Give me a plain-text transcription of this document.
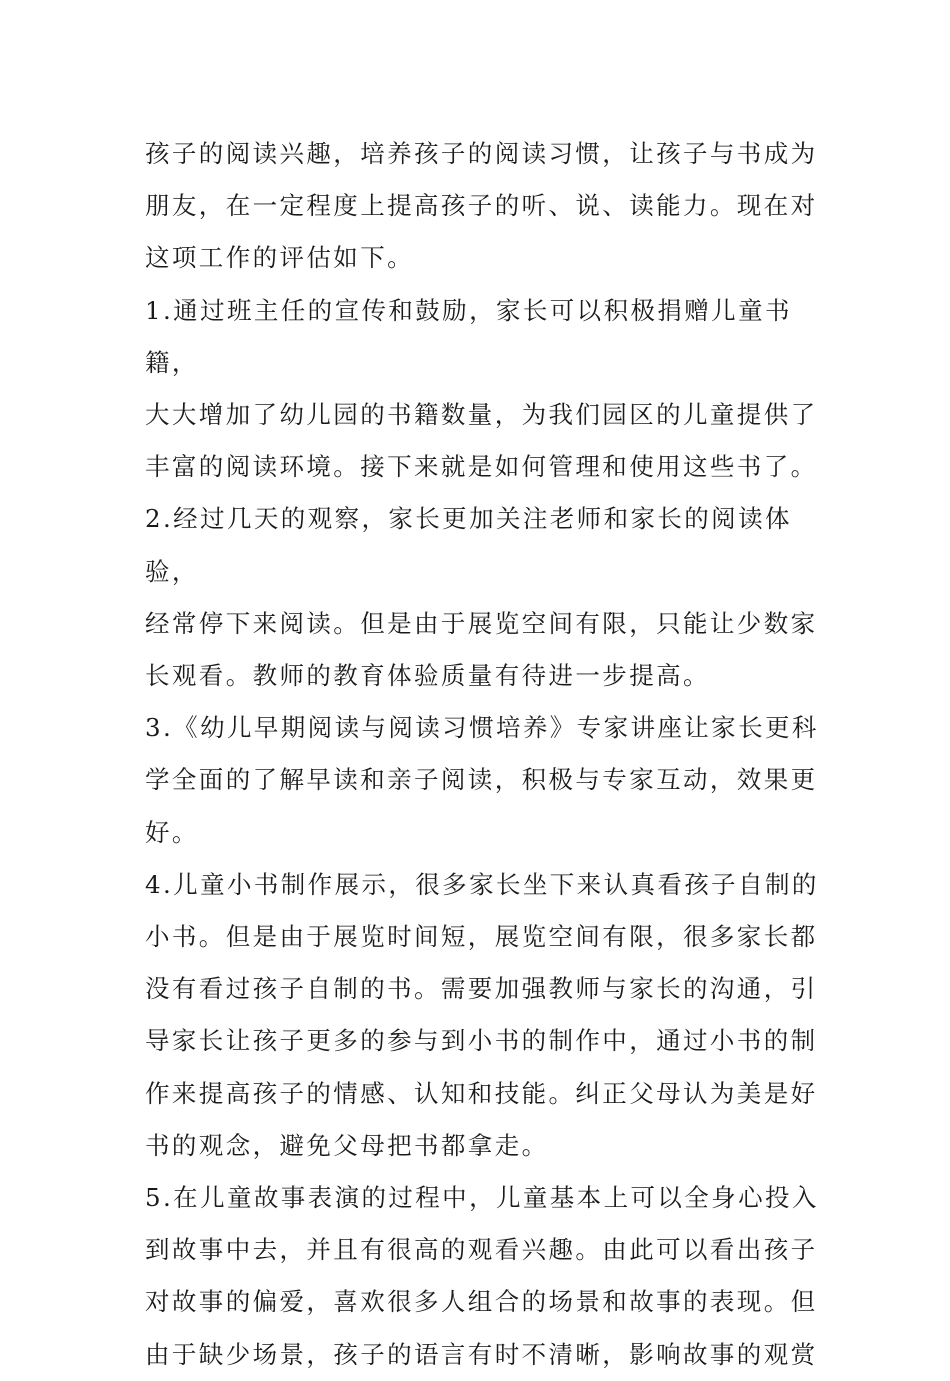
孩子的阅读兴趣，培养孩子的阅读习惯，让孩子与书成为
朋友，在一定程度上提高孩子的听、说、读能力。现在对
这项工作的评估如下。
1.通过班主任的宣传和鼓励，家长可以积极捐赠儿童书籍，
大大增加了幼儿园的书籍数量，为我们园区的儿童提供了
丰富的阅读环境。接下来就是如何管理和使用这些书了。
2.经过几天的观察，家长更加关注老师和家长的阅读体验，
经常停下来阅读。但是由于展览空间有限，只能让少数家
长观看。教师的教育体验质量有待进一步提高。
3.《幼儿早期阅读与阅读习惯培养》专家讲座让家长更科
学全面的了解早读和亲子阅读，积极与专家互动，效果更
好。
4.儿童小书制作展示，很多家长坐下来认真看孩子自制的
小书。但是由于展览时间短，展览空间有限，很多家长都
没有看过孩子自制的书。需要加强教师与家长的沟通，引
导家长让孩子更多的参与到小书的制作中，通过小书的制
作来提高孩子的情感、认知和技能。纠正父母认为美是好
书的观念，避免父母把书都拿走。
5.在儿童故事表演的过程中，儿童基本上可以全身心投入
到故事中去，并且有很高的观看兴趣。由此可以看出孩子
对故事的偏爱，喜欢很多人组合的场景和故事的表现。但
由于缺少场景，孩子的语言有时不清晰，影响故事的观赏
